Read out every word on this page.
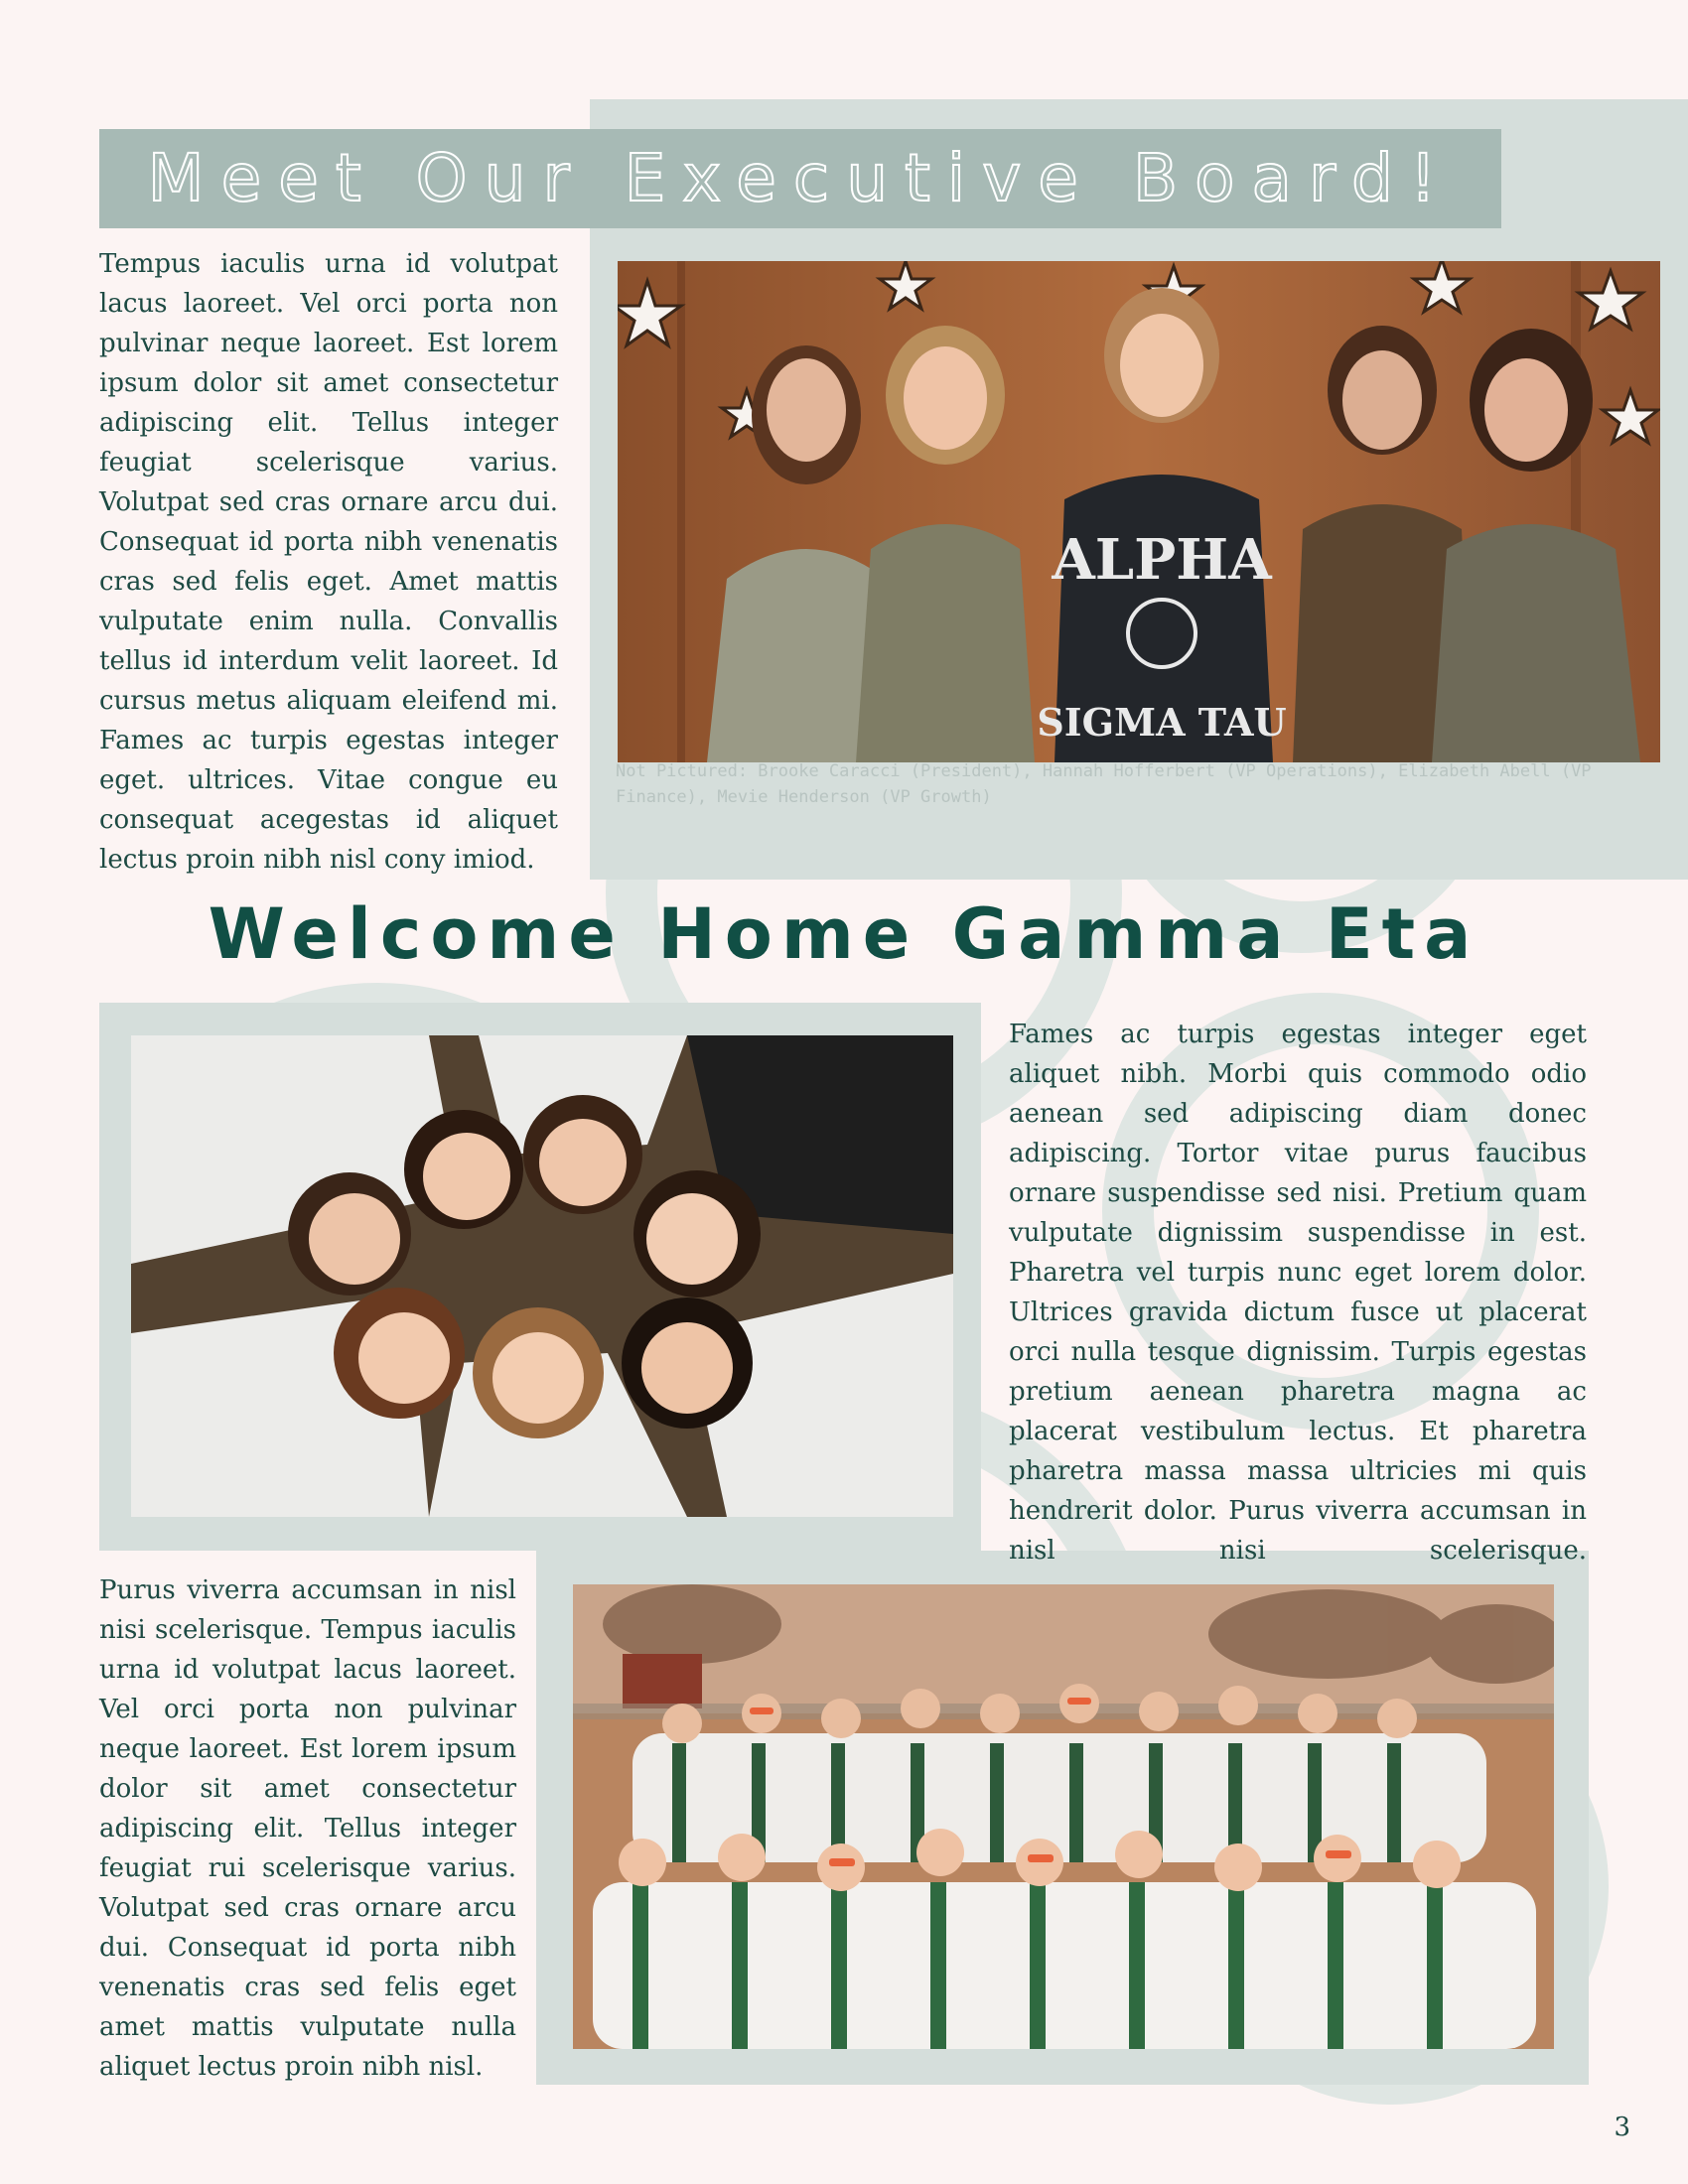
Meet Our Executive Board!
Tempus iaculis urna id volutpat lacus laoreet. Vel orci porta non pulvinar neque laoreet. Est lorem ipsum dolor sit amet consectetur adipiscing elit. Tellus integer feugiat scelerisque varius. Volutpat sed cras ornare arcu dui. Consequat id porta nibh venenatis cras sed felis eget. Amet mattis vulputate enim nulla. Convallis tellus id interdum velit laoreet. Id cursus metus aliquam eleifend mi. Fames ac turpis egestas integer eget. ultrices. Vitae congue eu consequat acegestas id aliquet lectus proin nibh nisl cony imiod.
ALPHA
SIGMA TAU
Not Pictured: Brooke Caracci (President), Hannah Hofferbert (VP Operations), Elizabeth Abell (VP Finance), Mevie Henderson (VP Growth)
Welcome Home Gamma Eta
Fames ac turpis egestas integer eget aliquet nibh. Morbi quis commodo odio aenean sed adipiscing diam donec adipiscing. Tortor vitae purus faucibus ornare suspendisse sed nisi. Pretium quam vulputate dignissim suspendisse in est. Pharetra vel turpis nunc eget lorem dolor. Ultrices gravida dictum fusce ut placerat orci nulla tesque dignissim. Turpis egestas pretium aenean pharetra magna ac placerat vestibulum lectus. Et pharetra pharetra massa massa ultricies mi quis hendrerit dolor. Purus viverra accumsan in nisl nisi scelerisque.
Purus viverra accumsan in nisl nisi scelerisque. Tempus iaculis urna id volutpat lacus laoreet. Vel orci porta non pulvinar neque laoreet. Est lorem ipsum dolor sit amet consectetur adipiscing elit. Tellus integer feugiat rui scelerisque varius. Volutpat sed cras ornare arcu dui. Consequat id porta nibh venenatis cras sed felis eget amet mattis vulputate nulla aliquet lectus proin nibh nisl.
3
